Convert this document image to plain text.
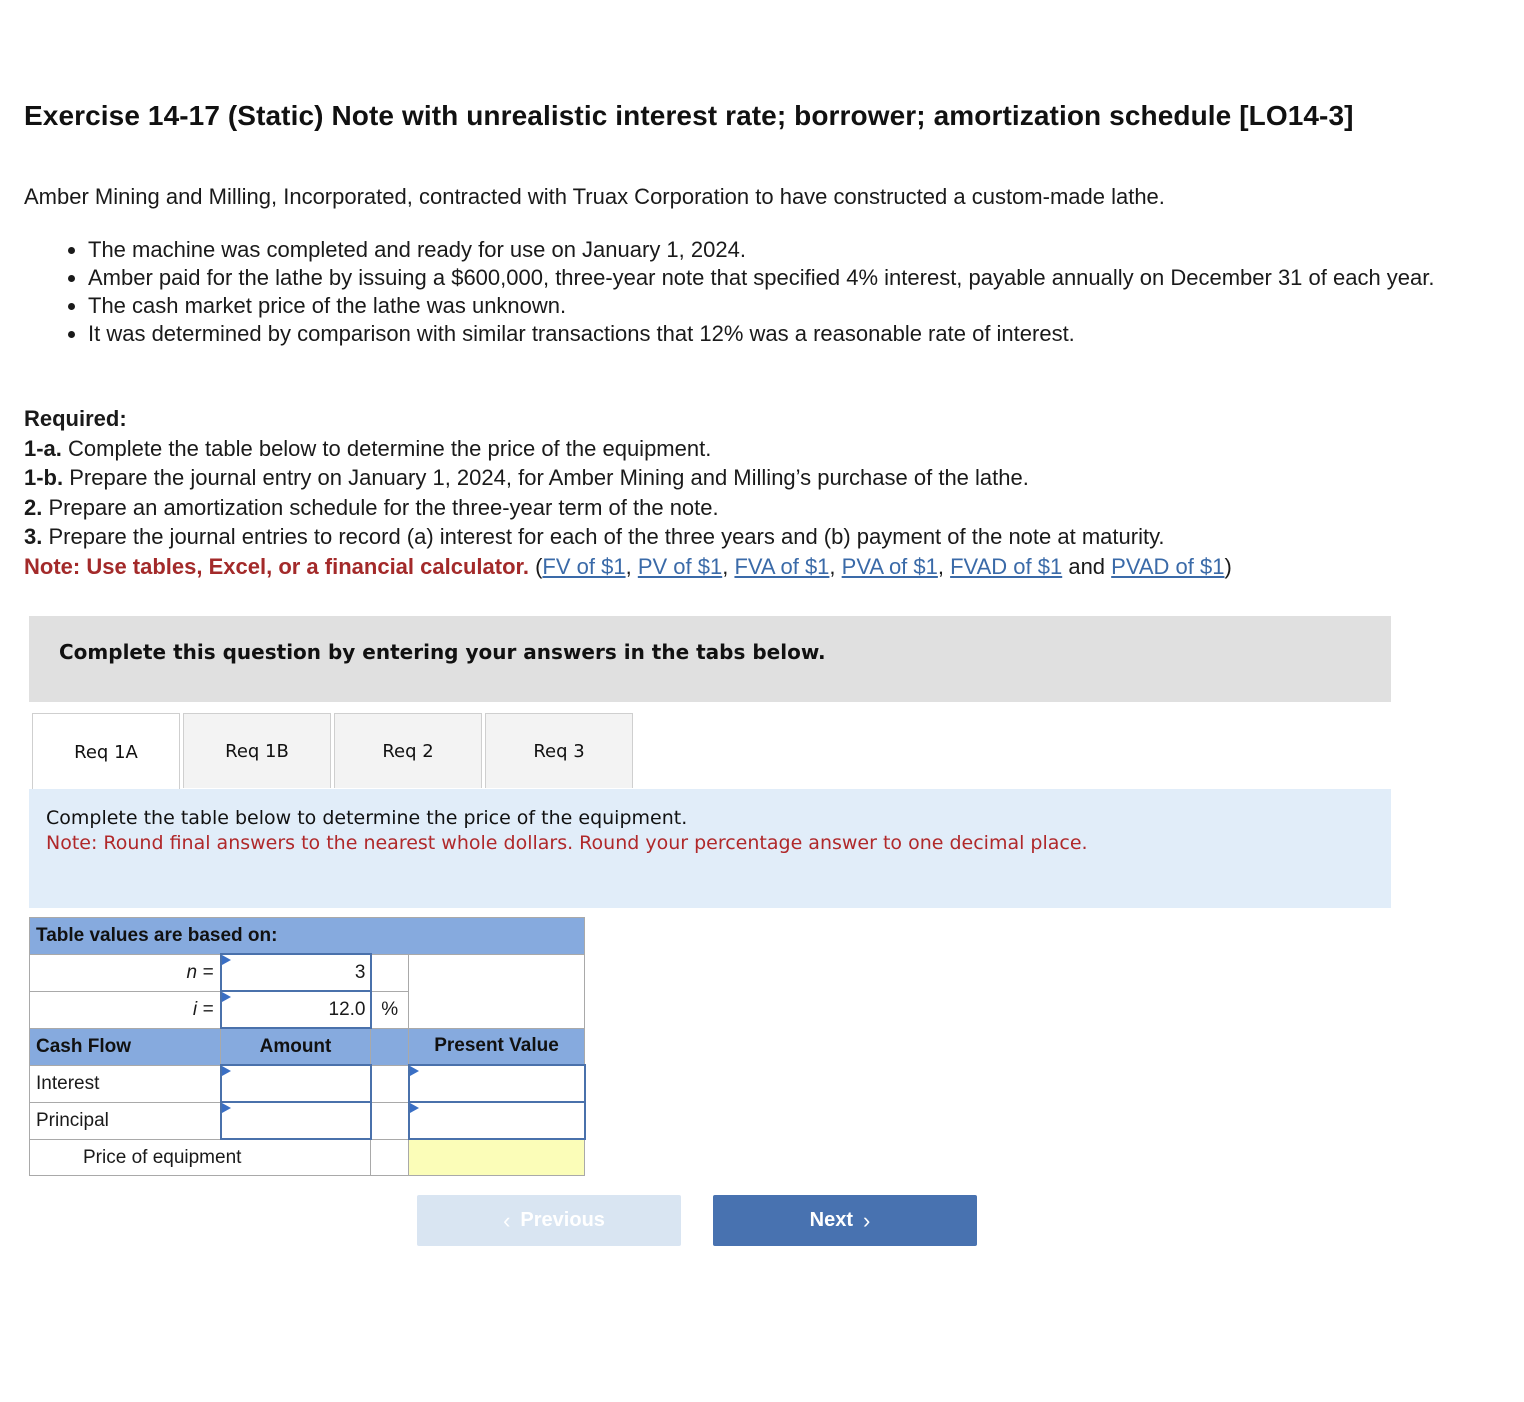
Exercise 14-17 (Static) Note with unrealistic interest rate; borrower; amortization schedule [LO14-3]
Amber Mining and Milling, Incorporated, contracted with Truax Corporation to have constructed a custom-made lathe.
• The machine was completed and ready for use on January 1, 2024.
• Amber paid for the lathe by issuing a $600,000, three-year note that specified 4% interest, payable annually on December 31 of each year.
• The cash market price of the lathe was unknown.
• It was determined by comparison with similar transactions that 12% was a reasonable rate of interest.
Required:
1-a. Complete the table below to determine the price of the equipment.
1-b. Prepare the journal entry on January 1, 2024, for Amber Mining and Milling’s purchase of the lathe.
2. Prepare an amortization schedule for the three-year term of the note.
3. Prepare the journal entries to record (a) interest for each of the three years and (b) payment of the note at maturity.
Note: Use tables, Excel, or a financial calculator. (FV of $1, PV of $1, FVA of $1, PVA of $1, FVAD of $1 and PVAD of $1)
Complete this question by entering your answers in the tabs below.
Req 1A	Req 1B	Req 2	Req 3
Complete the table below to determine the price of the equipment.
Note: Round final answers to the nearest whole dollars. Round your percentage answer to one decimal place.
Table values are based on:			
n =	3		
i =	12.0	%	
Cash Flow	Amount		Present Value
Interest	

Principal	

Price of equipment			
‹ Previous	Next ›
